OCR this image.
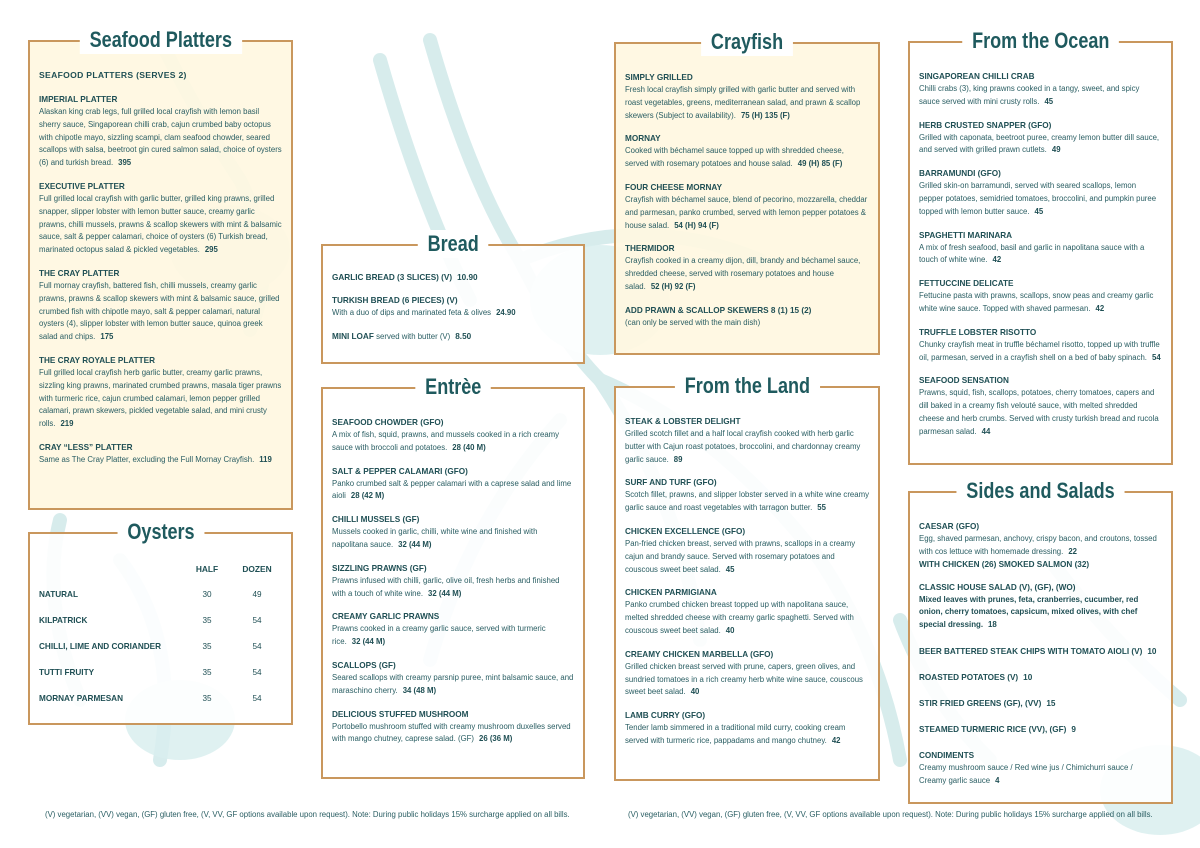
Seafood Platters
SEAFOOD PLATTERS (SERVES 2)
IMPERIAL PLATTER
Alaskan king crab legs, full grilled local crayfish with lemon basil sherry sauce, Singaporean chilli crab, cajun crumbed baby octopus with chipotle mayo, sizzling scampi, clam seafood chowder, seared scallops with salsa, beetroot gin cured salmon salad, choice of oysters (6) and turkish bread. 395
EXECUTIVE PLATTER
Full grilled local crayfish with garlic butter, grilled king prawns, grilled snapper, slipper lobster with lemon butter sauce, creamy garlic prawns, chilli mussels, prawns & scallop skewers with mint & balsamic sauce, salt & pepper calamari, choice of oysters (6) Turkish bread, marinated octopus salad & pickled vegetables. 295
THE CRAY PLATTER
Full mornay crayfish, battered fish, chilli mussels, creamy garlic prawns, prawns & scallop skewers with mint & balsamic sauce, grilled crumbed fish with chipotle mayo, salt & pepper calamari, natural oysters (4), slipper lobster with lemon butter sauce, quinoa greek salad and chips. 175
THE CRAY ROYALE PLATTER
Full grilled local crayfish herb garlic butter, creamy garlic prawns, sizzling king prawns, marinated crumbed prawns, masala tiger prawns with turmeric rice, cajun crumbed calamari, lemon pepper grilled calamari, prawn skewers, pickled vegetable salad, and mini crusty rolls. 219
CRAY “LESS” PLATTER
Same as The Cray Platter, excluding the Full Mornay Crayfish. 119
Oysters
	HALF	DOZEN
NATURAL	30	49
KILPATRICK	35	54
CHILLI, LIME AND CORIANDER	35	54
TUTTI FRUITY	35	54
MORNAY PARMESAN	35	54
Bread
GARLIC BREAD (3 SLICES) (V) 10.90
TURKISH BREAD (6 PIECES) (V)
With a duo of dips and marinated feta & olives 24.90
MINI LOAF served with butter (V) 8.50
Entrèe
SEAFOOD CHOWDER (GFO)
A mix of fish, squid, prawns, and mussels cooked in a rich creamy sauce with broccoli and potatoes. 28 (40 M)
SALT & PEPPER CALAMARI (GFO)
Panko crumbed salt & pepper calamari with a caprese salad and lime aioli 28 (42 M)
CHILLI MUSSELS (GF)
Mussels cooked in garlic, chilli, white wine and finished with napolitana sauce. 32 (44 M)
SIZZLING PRAWNS (GF)
Prawns infused with chilli, garlic, olive oil, fresh herbs and finished with a touch of white wine. 32 (44 M)
CREAMY GARLIC PRAWNS
Prawns cooked in a creamy garlic sauce, served with turmeric rice. 32 (44 M)
SCALLOPS (GF)
Seared scallops with creamy parsnip puree, mint balsamic sauce, and maraschino cherry. 34 (48 M)
DELICIOUS STUFFED MUSHROOM
Portobello mushroom stuffed with creamy mushroom duxelles served with mango chutney, caprese salad. (GF) 26 (36 M)
Crayfish
SIMPLY GRILLED
Fresh local crayfish simply grilled with garlic butter and served with roast vegetables, greens, mediterranean salad, and prawn & scallop skewers (Subject to availability). 75 (H) 135 (F)
MORNAY
Cooked with béchamel sauce topped up with shredded cheese, served with rosemary potatoes and house salad. 49 (H) 85 (F)
FOUR CHEESE MORNAY
Crayfish with béchamel sauce, blend of pecorino, mozzarella, cheddar and parmesan, panko crumbed, served with lemon pepper potatoes & house salad. 54 (H) 94 (F)
THERMIDOR
Crayfish cooked in a creamy dijon, dill, brandy and béchamel sauce, shredded cheese, served with rosemary potatoes and house salad. 52 (H) 92 (F)
ADD PRAWN & SCALLOP SKEWERS 8 (1) 15 (2)
(can only be served with the main dish)
From the Land
STEAK & LOBSTER DELIGHT
Grilled scotch fillet and a half local crayfish cooked with herb garlic butter with Cajun roast potatoes, broccolini, and chardonnay creamy garlic sauce. 89
SURF AND TURF (GFO)
Scotch fillet, prawns, and slipper lobster served in a white wine creamy garlic sauce and roast vegetables with tarragon butter. 55
CHICKEN EXCELLENCE (GFO)
Pan-fried chicken breast, served with prawns, scallops in a creamy cajun and brandy sauce. Served with rosemary potatoes and couscous sweet beet salad. 45
CHICKEN PARMIGIANA
Panko crumbed chicken breast topped up with napolitana sauce, melted shredded cheese with creamy garlic spaghetti. Served with couscous sweet beet salad. 40
CREAMY CHICKEN MARBELLA (GFO)
Grilled chicken breast served with prune, capers, green olives, and sundried tomatoes in a rich creamy herb white wine sauce, couscous sweet beet salad. 40
LAMB CURRY (GFO)
Tender lamb simmered in a traditional mild curry, cooking cream served with turmeric rice, pappadams and mango chutney. 42
From the Ocean
SINGAPOREAN CHILLI CRAB
Chilli crabs (3), king prawns cooked in a tangy, sweet, and spicy sauce served with mini crusty rolls. 45
HERB CRUSTED SNAPPER (GFO)
Grilled with caponata, beetroot puree, creamy lemon butter dill sauce, and served with grilled prawn cutlets. 49
BARRAMUNDI (GFO)
Grilled skin-on barramundi, served with seared scallops, lemon pepper potatoes, semidried tomatoes, broccolini, and pumpkin puree topped with lemon butter sauce. 45
SPAGHETTI MARINARA
A mix of fresh seafood, basil and garlic in napolitana sauce with a touch of white wine. 42
FETTUCCINE DELICATE
Fettucine pasta with prawns, scallops, snow peas and creamy garlic white wine sauce. Topped with shaved parmesan. 42
TRUFFLE LOBSTER RISOTTO
Chunky crayfish meat in truffle béchamel risotto, topped up with truffle oil, parmesan, served in a crayfish shell on a bed of baby spinach. 54
SEAFOOD SENSATION
Prawns, squid, fish, scallops, potatoes, cherry tomatoes, capers and dill baked in a creamy fish velouté sauce, with melted shredded cheese and herb crumbs. Served with crusty turkish bread and rucola parmesan salad. 44
Sides and Salads
CAESAR (GFO)
Egg, shaved parmesan, anchovy, crispy bacon, and croutons, tossed with cos lettuce with homemade dressing. 22
WITH CHICKEN (26) SMOKED SALMON (32)
CLASSIC HOUSE SALAD (V), (GF), (WO)
Mixed leaves with prunes, feta, cranberries, cucumber, red onion, cherry tomatoes, capsicum, mixed olives, with chef special dressing. 18
BEER BATTERED STEAK CHIPS WITH TOMATO AIOLI (V) 10
ROASTED POTATOES (V) 10
STIR FRIED GREENS (GF), (VV) 15
STEAMED TURMERIC RICE (VV), (GF) 9
CONDIMENTS
Creamy mushroom sauce / Red wine jus / Chimichurri sauce / Creamy garlic sauce 4
(V) vegetarian, (VV) vegan, (GF) gluten free, (V, VV, GF options available upon request). Note: During public holidays 15% surcharge applied on all bills.	(V) vegetarian, (VV) vegan, (GF) gluten free, (V, VV, GF options available upon request). Note: During public holidays 15% surcharge applied on all bills.
